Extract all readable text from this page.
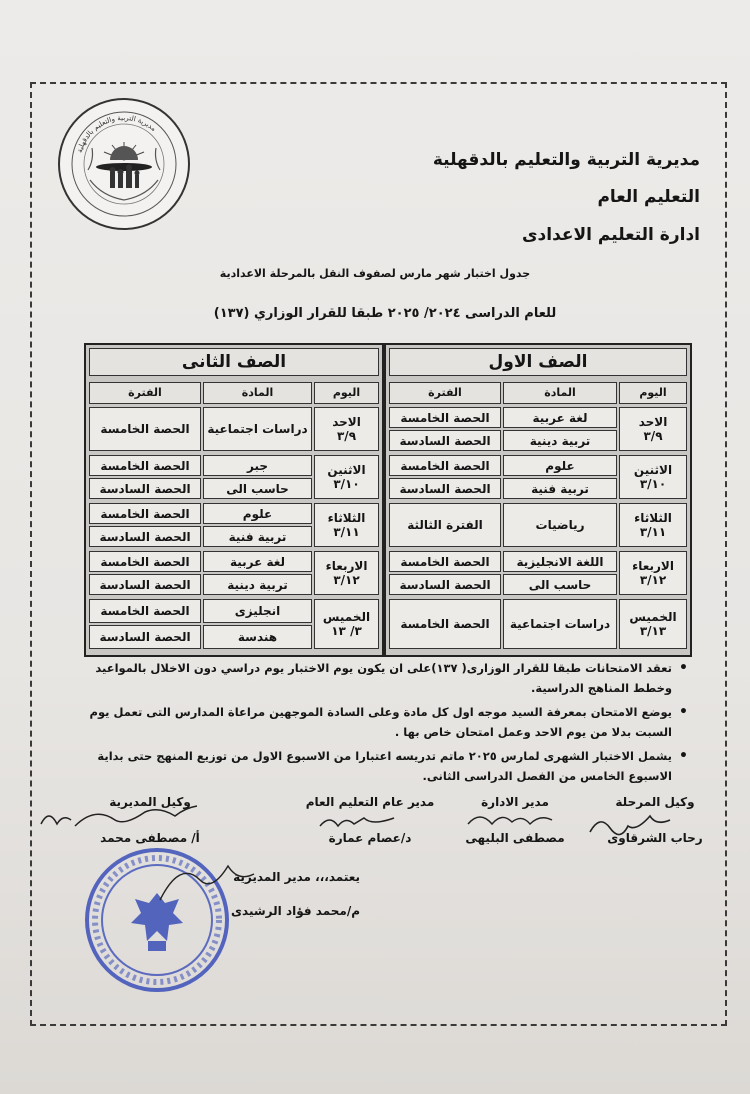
مديرية التربية والتعليم بالدقهلية
مديرية التربية والتعليم بالدقهلية
التعليم العام
ادارة التعليم الاعدادى
جدول اختبار شهر مارس لصفوف النقل بالمرحلة الاعدادية
للعام الدراسى ٢٠٢٤/ ٢٠٢٥ طبقا للقرار الوزاري (١٣٧)
الصف الاول
اليوم
المادة
الفترة
الاحد
٣/٩
لغة عربية
تربية دينية
الحصة الخامسة
الحصة السادسة
الاثنين
٣/١٠
علوم
تربية فنية
الحصة الخامسة
الحصة السادسة
الثلاثاء
٣/١١
رياضيات
الفترة الثالثة
الاربعاء
٣/١٢
اللغة الانجليزية
حاسب الى
الحصة الخامسة
الحصة السادسة
الخميس
٣/١٣
دراسات اجتماعية
الحصة الخامسة
الصف الثانى
اليوم
المادة
الفترة
الاحد
٣/٩
دراسات اجتماعية
الحصة الخامسة
الاثنين
٣/١٠
جبر
حاسب الى
الحصة الخامسة
الحصة السادسة
الثلاثاء
٣/١١
علوم
تربية فنية
الحصة الخامسة
الحصة السادسة
الاربعاء
٣/١٢
لغة عربية
تربية دينية
الحصة الخامسة
الحصة السادسة
الخميس
٣/ ١٣
انجليزى
هندسة
الحصة الخامسة
الحصة السادسة
• تعقد الامتحانات طبقا للقرار الوزارى( ١٣٧)على ان يكون يوم الاختبار يوم دراسي دون الاخلال بالمواعيد وخطط المناهج الدراسية.
• يوضع الامتحان بمعرفة السيد موجه اول كل مادة وعلى السادة الموجهين مراعاة المدارس التى تعمل يوم السبت بدلا من يوم الاحد وعمل امتحان خاص بها .
• يشمل الاختبار الشهرى لمارس ٢٠٢٥ ماتم تدريسه اعتبارا من الاسبوع الاول من توزيع المنهج حتى بداية الاسبوع الخامس من الفصل الدراسى الثانى.
وكيل المرحلة
رحاب الشرقاوى
مدير الادارة
مصطفى البليهى
مدير عام التعليم العام
د/عصام عمارة
وكيل المديرية
أ/ مصطفى محمد
يعتمد،،، مدير المديرية
م/محمد فؤاد الرشيدى
